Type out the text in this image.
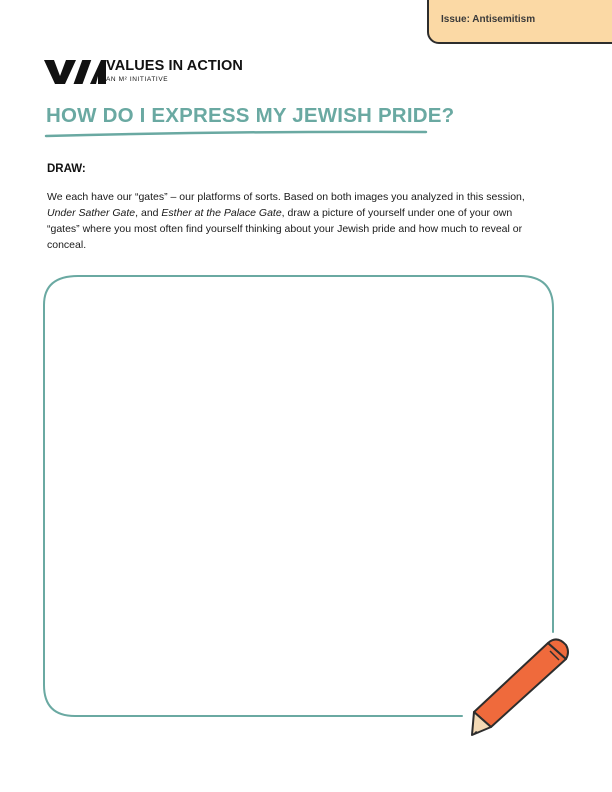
Issue: Antisemitism
VALUES IN ACTION
AN M² INITIATIVE
HOW DO I EXPRESS MY JEWISH PRIDE?
DRAW:
We each have our “gates” – our platforms of sorts. Based on both images you analyzed in this session, Under Sather Gate, and Esther at the Palace Gate, draw a picture of yourself under one of your own “gates” where you most often find yourself thinking about your Jewish pride and how much to reveal or conceal.
